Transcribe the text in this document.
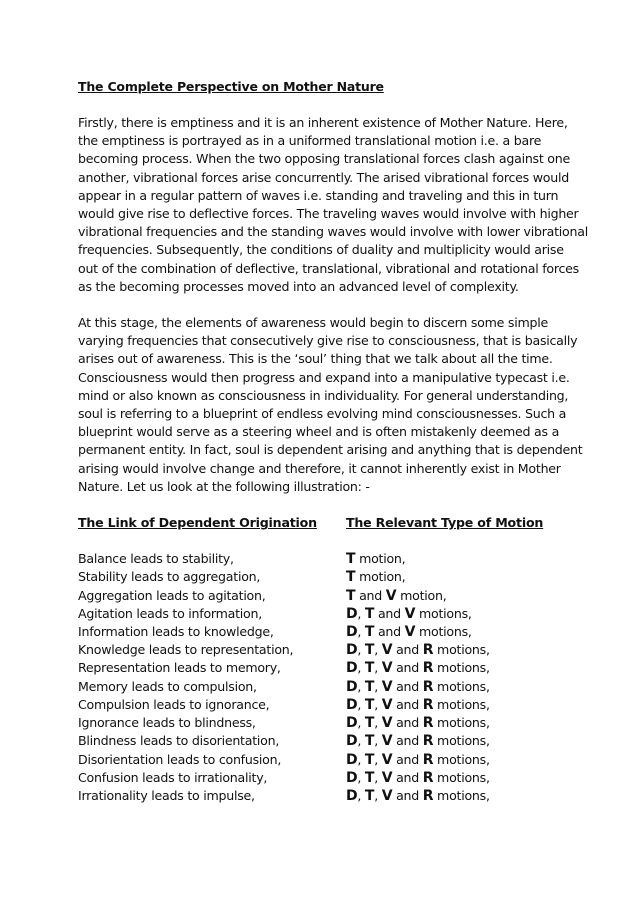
The Complete Perspective on Mother Nature
Firstly, there is emptiness and it is an inherent existence of Mother Nature. Here,
the emptiness is portrayed as in a uniformed translational motion i.e. a bare
becoming process. When the two opposing translational forces clash against one
another, vibrational forces arise concurrently. The arised vibrational forces would
appear in a regular pattern of waves i.e. standing and traveling and this in turn
would give rise to deflective forces. The traveling waves would involve with higher
vibrational frequencies and the standing waves would involve with lower vibrational
frequencies. Subsequently, the conditions of duality and multiplicity would arise
out of the combination of deflective, translational, vibrational and rotational forces
as the becoming processes moved into an advanced level of complexity.
At this stage, the elements of awareness would begin to discern some simple
varying frequencies that consecutively give rise to consciousness, that is basically
arises out of awareness. This is the ‘soul’ thing that we talk about all the time.
Consciousness would then progress and expand into a manipulative typecast i.e.
mind or also known as consciousness in individuality. For general understanding,
soul is referring to a blueprint of endless evolving mind consciousnesses. Such a
blueprint would serve as a steering wheel and is often mistakenly deemed as a
permanent entity. In fact, soul is dependent arising and anything that is dependent
arising would involve change and therefore, it cannot inherently exist in Mother
Nature. Let us look at the following illustration: -
The Link of Dependent Origination	The Relevant Type of Motion
Balance leads to stability,	T motion,
Stability leads to aggregation,	T motion,
Aggregation leads to agitation,	T and V motion,
Agitation leads to information,	D, T and V motions,
Information leads to knowledge,	D, T and V motions,
Knowledge leads to representation,	D, T, V and R motions,
Representation leads to memory,	D, T, V and R motions,
Memory leads to compulsion,	D, T, V and R motions,
Compulsion leads to ignorance,	D, T, V and R motions,
Ignorance leads to blindness,	D, T, V and R motions,
Blindness leads to disorientation,	D, T, V and R motions,
Disorientation leads to confusion,	D, T, V and R motions,
Confusion leads to irrationality,	D, T, V and R motions,
Irrationality leads to impulse,	D, T, V and R motions,
